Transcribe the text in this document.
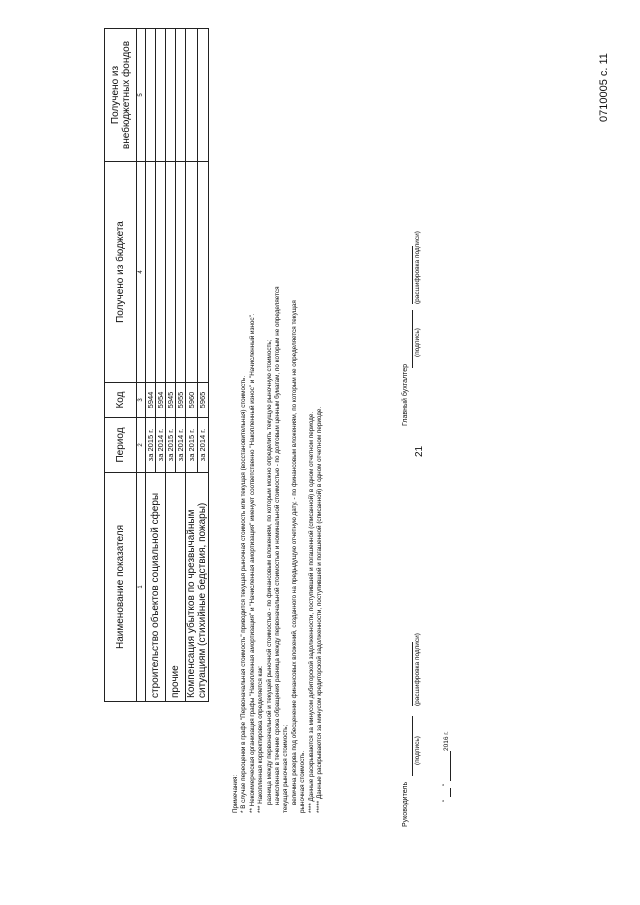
0710005 с. 11
21
Наименование показателя	Период	Код	Получено из бюджета	Получено из внебюджетных фондов
1	2	3	4	5
строительство объектов социальной сферы	за 2015 г.	5944		
	за 2014 г.	5954		
прочие	за 2015 г.	5945		
	за 2014 г.	5955		
Компенсация убытков по чрезвычайным ситуациям (стихийные бедствия, пожары)	за 2015 г.	5960		
	за 2014 г.	5965		
Примечания: * В случае переоценки в графе "Первоначальная стоимость" приводится текущая рыночная стоимость или текущая (восстановительная) стоимость. ** Некоммерческая организация графы "Накопленная амортизация" и "Начисленная амортизация" именует соответственно "Накопленный износ" и "Начисленный износ". *** Накопленная корректировка определяется как: разница между первоначальной и текущей рыночной стоимостью - по финансовым вложениям, по которым можно определить текущую рыночную стоимость; начисленная в течение срока обращения разница между первоначальной стоимостью и номинальной стоимостью - по долговым ценным бумагам, по которым не определяется текущая рыночная стоимость; величина резерва под обесценение финансовых вложений, созданного на предыдущую отчетную дату, - по финансовым вложениям, по которым не определяется текущая рыночная стоимость. **** Данные раскрываются за минусом дебиторской задолженности, поступившей и погашенной (списанной) в одном отчетном периоде. ***** Данные раскрываются за минусом кредиторской задолженности, поступившей и погашенной (списанной) в одном отчетном периоде.	Руководитель
(подпись)
(расшифровка подписи)
"
"
2016 г.
Главный бухгалтер
(подпись)
(расшифровка подписи)
